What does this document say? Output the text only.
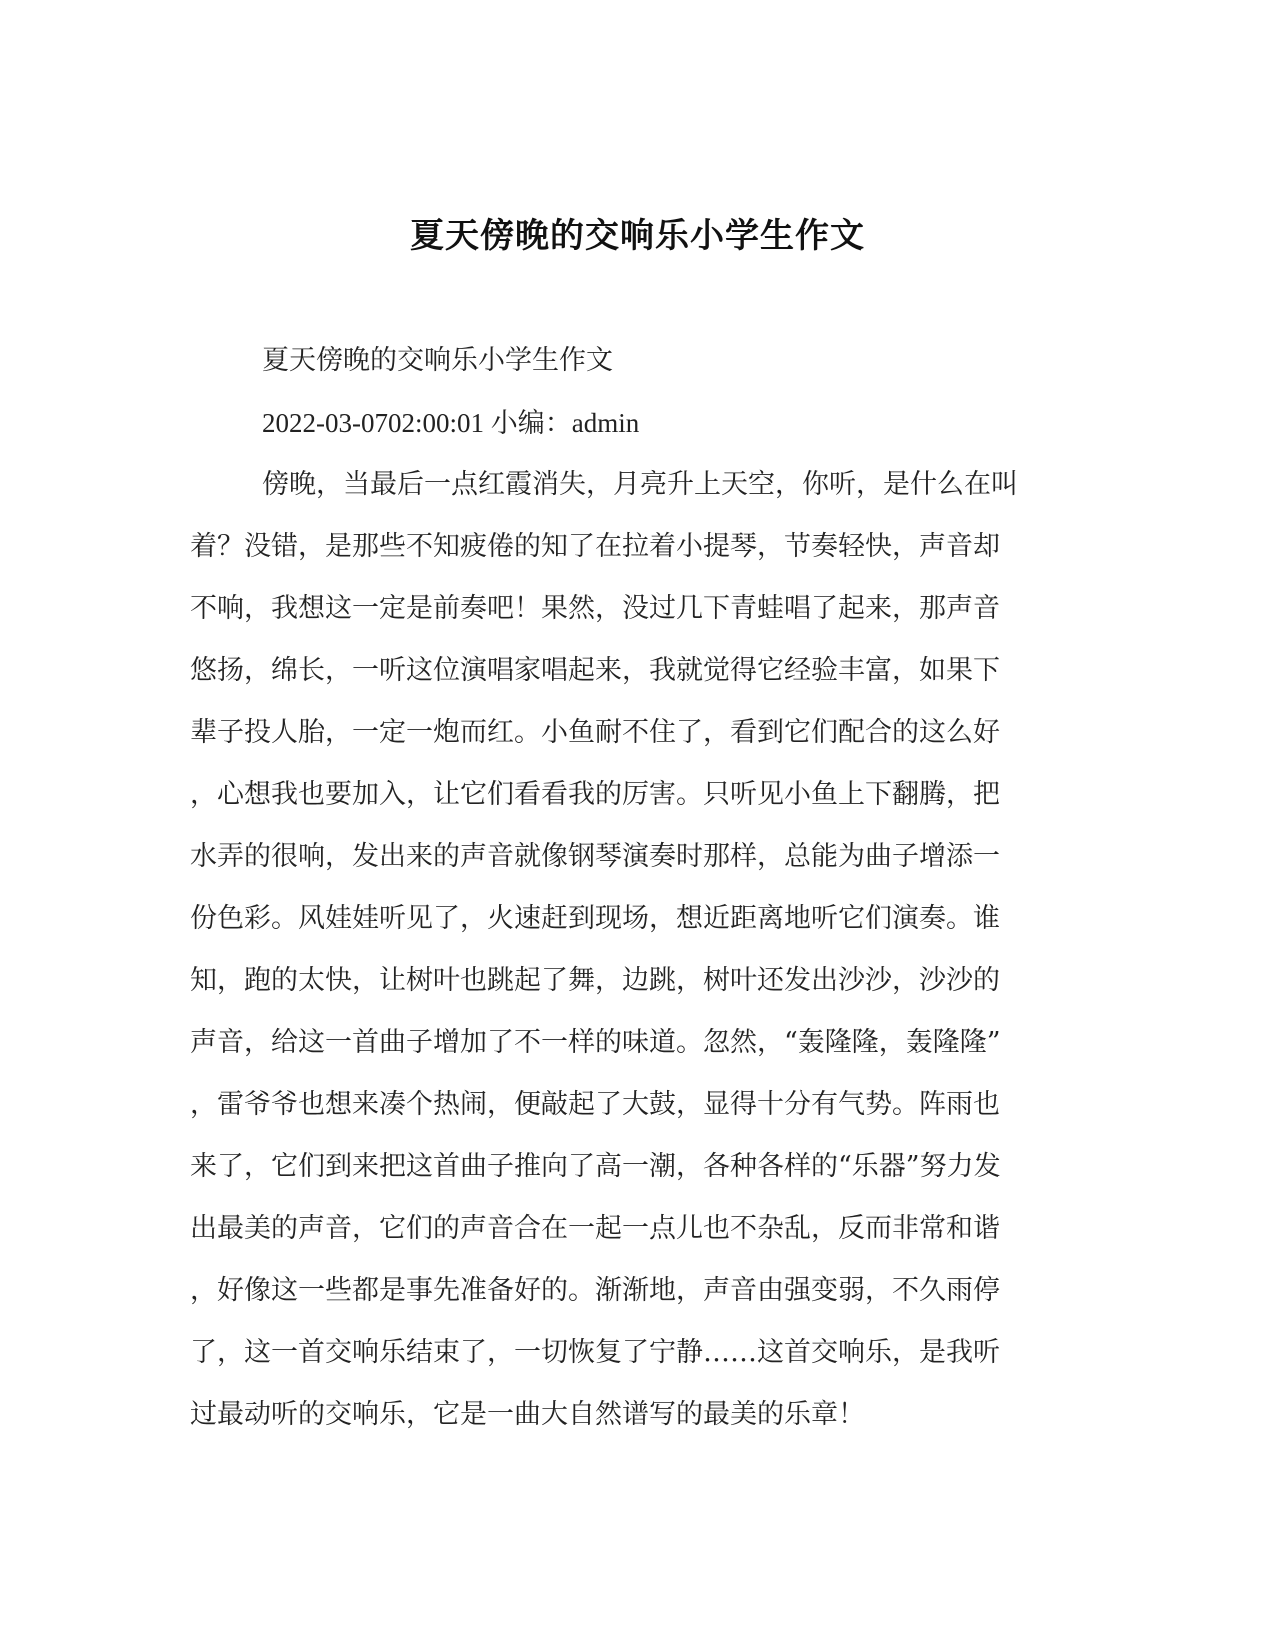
夏天傍晚的交响乐小学生作文
夏天傍晚的交响乐小学生作文
2022-03-0702:00:01 小编：admin
傍晚，当最后一点红霞消失，月亮升上天空，你听，是什么在叫
着？没错，是那些不知疲倦的知了在拉着小提琴，节奏轻快，声音却
不响，我想这一定是前奏吧！果然，没过几下青蛙唱了起来，那声音
悠扬，绵长，一听这位演唱家唱起来，我就觉得它经验丰富，如果下
辈子投人胎，一定一炮而红。小鱼耐不住了，看到它们配合的这么好
，心想我也要加入，让它们看看我的厉害。只听见小鱼上下翻腾，把
水弄的很响，发出来的声音就像钢琴演奏时那样，总能为曲子增添一
份色彩。风娃娃听见了，火速赶到现场，想近距离地听它们演奏。谁
知，跑的太快，让树叶也跳起了舞，边跳，树叶还发出沙沙，沙沙的
声音，给这一首曲子增加了不一样的味道。忽然，“轰隆隆，轰隆隆”
，雷爷爷也想来凑个热闹，便敲起了大鼓，显得十分有气势。阵雨也
来了，它们到来把这首曲子推向了高一潮，各种各样的“乐器”努力发
出最美的声音，它们的声音合在一起一点儿也不杂乱，反而非常和谐
，好像这一些都是事先准备好的。渐渐地，声音由强变弱，不久雨停
了，这一首交响乐结束了，一切恢复了宁静……这首交响乐，是我听
过最动听的交响乐，它是一曲大自然谱写的最美的乐章！
